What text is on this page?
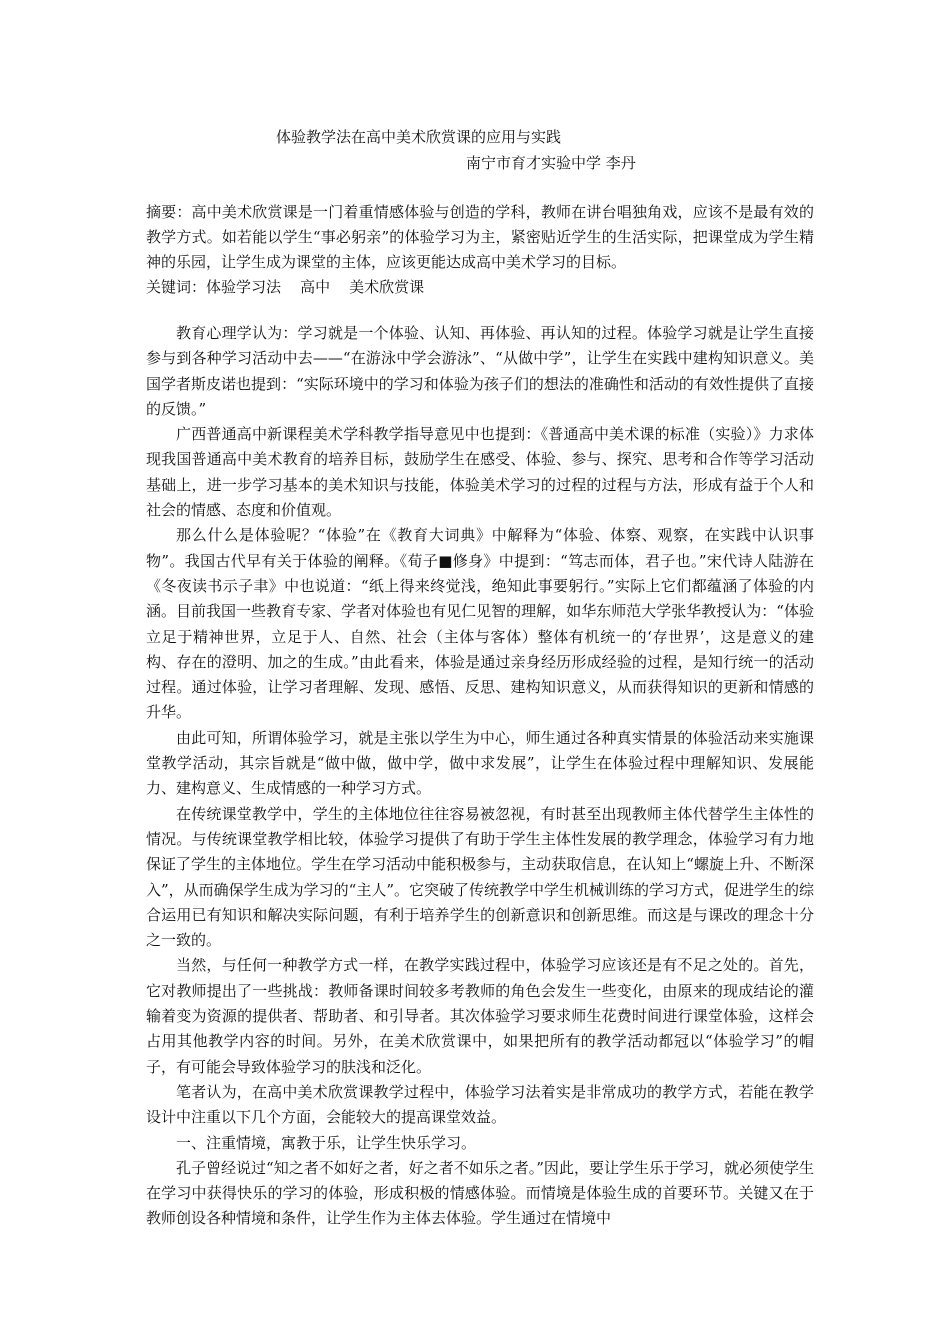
体验教学法在高中美术欣赏课的应用与实践
南宁市育才实验中学 李丹

摘要：高中美术欣赏课是一门着重情感体验与创造的学科，教师在讲台唱独角戏，应该不是最有效的教学方式。如若能以学生“事必躬亲”的体验学习为主，紧密贴近学生的生活实际，把课堂成为学生精神的乐园，让学生成为课堂的主体，应该更能达成高中美术学习的目标。

关键词：体验学习法    高中    美术欣赏课

教育心理学认为：学习就是一个体验、认知、再体验、再认知的过程。体验学习就是让学生直接参与到各种学习活动中去——“在游泳中学会游泳”、“从做中学”，让学生在实践中建构知识意义。美国学者斯皮诺也提到：“实际环境中的学习和体验为孩子们的想法的准确性和活动的有效性提供了直接的反馈。”

广西普通高中新课程美术学科教学指导意见中也提到：《普通高中美术课的标准（实验）》力求体现我国普通高中美术教育的培养目标，鼓励学生在感受、体验、参与、探究、思考和合作等学习活动基础上，进一步学习基本的美术知识与技能，体验美术学习的过程的过程与方法，形成有益于个人和社会的情感、态度和价值观。

那么什么是体验呢？“体验”在《教育大词典》中解释为“体验、体察、观察，在实践中认识事物”。我国古代早有关于体验的阐释。《荀子■修身》中提到：“笃志而体，君子也。”宋代诗人陆游在《冬夜读书示子聿》中也说道：“纸上得来终觉浅，绝知此事要躬行。”实际上它们都蕴涵了体验的内涵。目前我国一些教育专家、学者对体验也有见仁见智的理解，如华东师范大学张华教授认为：“体验立足于精神世界，立足于人、自然、社会（主体与客体）整体有机统一的‘存世界’，这是意义的建构、存在的澄明、加之的生成。”由此看来，体验是通过亲身经历形成经验的过程，是知行统一的活动过程。通过体验，让学习者理解、发现、感悟、反思、建构知识意义，从而获得知识的更新和情感的升华。

由此可知，所谓体验学习，就是主张以学生为中心，师生通过各种真实情景的体验活动来实施课堂教学活动，其宗旨就是“做中做，做中学，做中求发展”，让学生在体验过程中理解知识、发展能力、建构意义、生成情感的一种学习方式。

在传统课堂教学中，学生的主体地位往往容易被忽视，有时甚至出现教师主体代替学生主体性的情况。与传统课堂教学相比较，体验学习提供了有助于学生主体性发展的教学理念，体验学习有力地保证了学生的主体地位。学生在学习活动中能积极参与，主动获取信息，在认知上“螺旋上升、不断深入”，从而确保学生成为学习的“主人”。它突破了传统教学中学生机械训练的学习方式，促进学生的综合运用已有知识和解决实际问题，有利于培养学生的创新意识和创新思维。而这是与课改的理念十分之一致的。

当然，与任何一种教学方式一样，在教学实践过程中，体验学习应该还是有不足之处的。首先，它对教师提出了一些挑战：教师备课时间较多考教师的角色会发生一些变化，由原来的现成结论的灌输着变为资源的提供者、帮助者、和引导者。其次体验学习要求师生花费时间进行课堂体验，这样会占用其他教学内容的时间。另外，在美术欣赏课中，如果把所有的教学活动都冠以“体验学习”的帽子，有可能会导致体验学习的肤浅和泛化。

笔者认为，在高中美术欣赏课教学过程中，体验学习法着实是非常成功的教学方式，若能在教学设计中注重以下几个方面，会能较大的提高课堂效益。

一、注重情境，寓教于乐，让学生快乐学习。

孔子曾经说过“知之者不如好之者，好之者不如乐之者。”因此，要让学生乐于学习，就必须使学生在学习中获得快乐的学习的体验，形成积极的情感体验。而情境是体验生成的首要环节。关键又在于教师创设各种情境和条件，让学生作为主体去体验。学生通过在情境中
